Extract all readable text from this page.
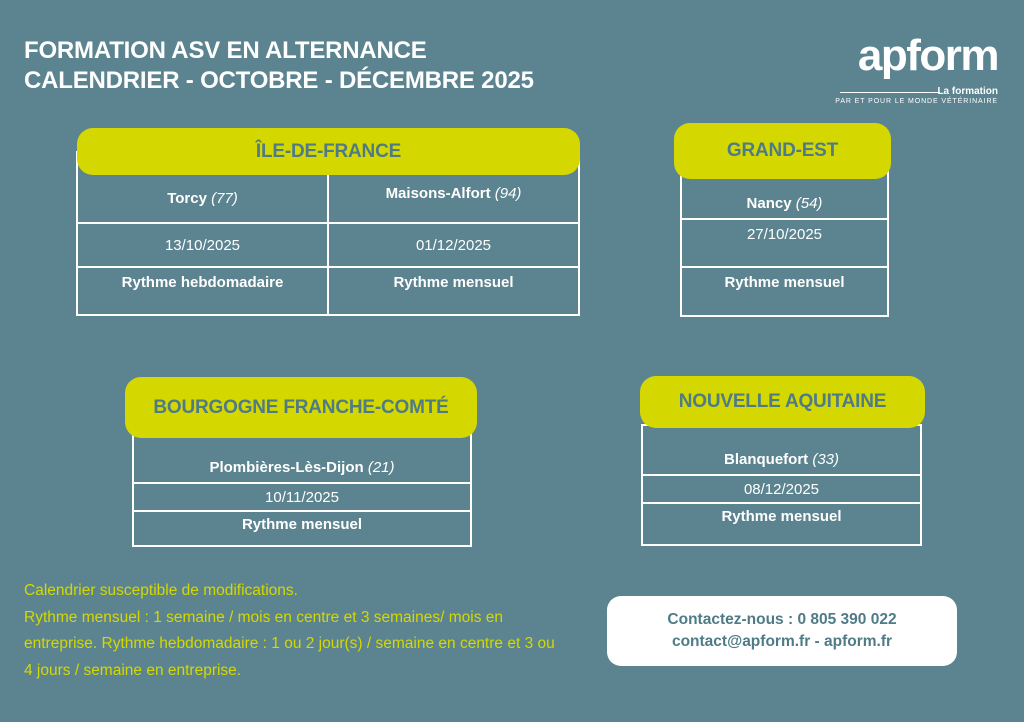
FORMATION ASV EN ALTERNANCE
CALENDRIER - OCTOBRE - DÉCEMBRE 2025
apform
La formation
PAR ET POUR LE MONDE VÉTÉRINAIRE
ÎLE-DE-FRANCE
Torcy (77)	Maisons-Alfort (94)

13/10/2025	01/12/2025
Rythme hebdomadaire	Rythme mensuel
GRAND-EST
Nancy (54)
27/10/2025
Rythme mensuel
BOURGOGNE FRANCHE-COMTÉ
Plombières-Lès-Dijon (21)
10/11/2025
Rythme mensuel
NOUVELLE AQUITAINE
Blanquefort (33)
08/12/2025
Rythme mensuel
Calendrier susceptible de modifications.
Rythme mensuel : 1 semaine / mois en centre et 3 semaines/ mois en entreprise. Rythme hebdomadaire : 1 ou 2 jour(s) / semaine en centre et 3 ou 4 jours / semaine en entreprise.
Contactez-nous : 0 805 390 022
contact@apform.fr - apform.fr
